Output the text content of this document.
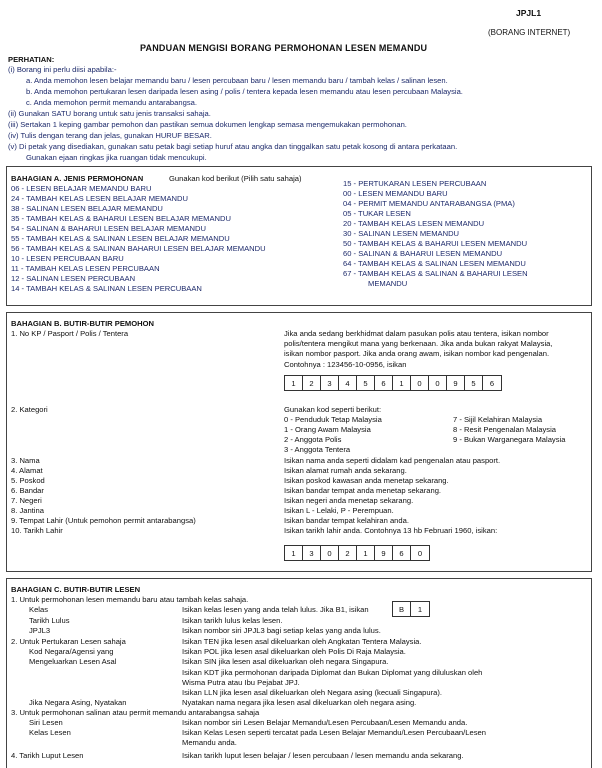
JPJL1
(BORANG INTERNET)
PANDUAN MENGISI BORANG PERMOHONAN LESEN MEMANDU
PERHATIAN:
(i) Borang ini perlu diisi apabila:-
a. Anda memohon lesen belajar memandu baru / lesen percubaan baru / lesen memandu baru / tambah kelas / salinan lesen.
b. Anda memohon pertukaran lesen daripada lesen asing / polis / tentera kepada lesen memandu atau lesen percubaan Malaysia.
c. Anda memohon permit memandu antarabangsa.
(ii) Gunakan SATU borang untuk satu jenis transaksi sahaja.
(iii) Sertakan 1 keping gambar pemohon dan pastikan semua dokumen lengkap semasa mengemukakan permohonan.
(iv) Tulis dengan terang dan jelas, gunakan HURUF BESAR.
(v) Di petak yang disediakan, gunakan satu petak bagi setiap huruf atau angka dan tinggalkan satu petak kosong di antara perkataan.
Gunakan ejaan ringkas jika ruangan tidak mencukupi.
BAHAGIAN A. JENIS PERMOHONAN	Gunakan kod berikut (Pilih satu sahaja)
06 - LESEN BELAJAR MEMANDU BARU
24 - TAMBAH KELAS LESEN BELAJAR MEMANDU
38 - SALINAN LESEN BELAJAR MEMANDU
35 - TAMBAH KELAS & BAHARUI LESEN BELAJAR MEMANDU
54 - SALINAN & BAHARUI LESEN BELAJAR MEMANDU
55 - TAMBAH KELAS & SALINAN LESEN BELAJAR MEMANDU
56 - TAMBAH KELAS & SALINAN BAHARUI LESEN BELAJAR MEMANDU
10 - LESEN PERCUBAAN BARU
11 - TAMBAH KELAS LESEN PERCUBAAN
12 - SALINAN LESEN PERCUBAAN
14 - TAMBAH KELAS & SALINAN LESEN PERCUBAAN
15 - PERTUKARAN LESEN PERCUBAAN
00 - LESEN MEMANDU BARU
04 - PERMIT MEMANDU ANTARABANGSA (PMA)
05 - TUKAR LESEN
20 - TAMBAH KELAS LESEN MEMANDU
30 - SALINAN LESEN MEMANDU
50 - TAMBAH KELAS & BAHARUI LESEN MEMANDU
60 - SALINAN & BAHARUI LESEN MEMANDU
64 - TAMBAH KELAS & SALINAN LESEN MEMANDU
67 - TAMBAH KELAS & SALINAN & BAHARUI LESEN
MEMANDU
BAHAGIAN B. BUTIR-BUTIR PEMOHON
1. No KP / Pasport / Polis / Tentera	Jika anda sedang berkhidmat dalam pasukan polis atau tentera, isikan nombor
polis/tentera mengikut mana yang berkenaan. Jika anda bukan rakyat Malaysia,
isikan nombor pasport. Jika anda orang awam, isikan nombor kad pengenalan.
Contohnya : 123456-10-0956, isikan
1	2	3	4	5	6	1	0	0	9	5	6
2. Kategori	Gunakan kod seperti berikut:
0 - Penduduk Tetap Malaysia
1 - Orang Awam Malaysia
2 - Anggota Polis
3 - Anggota Tentera
7 - Sijil Kelahiran Malaysia
8 - Resit Pengenalan Malaysia
9 - Bukan Warganegara Malaysia
3. Nama	Isikan nama anda seperti didalam kad pengenalan atau pasport.
4. Alamat	Isikan alamat rumah anda sekarang.
5. Poskod	Isikan poskod kawasan anda menetap sekarang.
6. Bandar	Isikan bandar tempat anda menetap sekarang.
7. Negeri	Isikan negeri anda menetap sekarang.
8. Jantina	Isikan L - Lelaki, P - Perempuan.
9. Tempat Lahir (Untuk pemohon permit antarabangsa)	Isikan bandar tempat kelahiran anda.
10. Tarikh Lahir	Isikan tarikh lahir anda. Contohnya 13 hb Februari 1960, isikan:
1	3	0	2	1	9	6	0
BAHAGIAN C. BUTIR-BUTIR LESEN
1. Untuk permohonan lesen memandu baru atau tambah kelas sahaja.
Kelas	Isikan kelas lesen yang anda telah lulus. Jika B1, isikan	B	1
Tarikh Lulus	Isikan tarikh lulus kelas lesen.
JPJL3	Isikan nombor siri JPJL3 bagi setiap kelas yang anda lulus.
2. Untuk Pertukaran Lesen sahaja	Isikan TEN jika lesen asal dikeluarkan oleh Angkatan Tentera Malaysia.
Kod Negara/Agensi yang	Isikan POL jika lesen asal dikeluarkan oleh Polis Di Raja Malaysia.
Mengeluarkan Lesen Asal	Isikan SIN jika lesen asal dikeluarkan oleh negara Singapura.
Isikan KDT jika permohonan daripada Diplomat dan Bukan Diplomat yang diluluskan oleh
Wisma Putra atau Ibu Pejabat JPJ.
Isikan LLN jika lesen asal dikeluarkan oleh Negara asing (kecuali Singapura).
Jika Negara Asing, Nyatakan	Nyatakan nama negara jika lesen asal dikeluarkan oleh negara asing.
3. Untuk permohonan salinan atau permit memandu antarabangsa sahaja
Siri Lesen	Isikan nombor siri Lesen Belajar Memandu/Lesen Percubaan/Lesen Memandu anda.
Kelas Lesen	Isikan Kelas Lesen seperti tercatat pada Lesen Belajar Memandu/Lesen Percubaan/Lesen
Memandu anda.
4. Tarikh Luput Lesen	Isikan tarikh luput lesen belajar / lesen percubaan / lesen memandu anda sekarang.
